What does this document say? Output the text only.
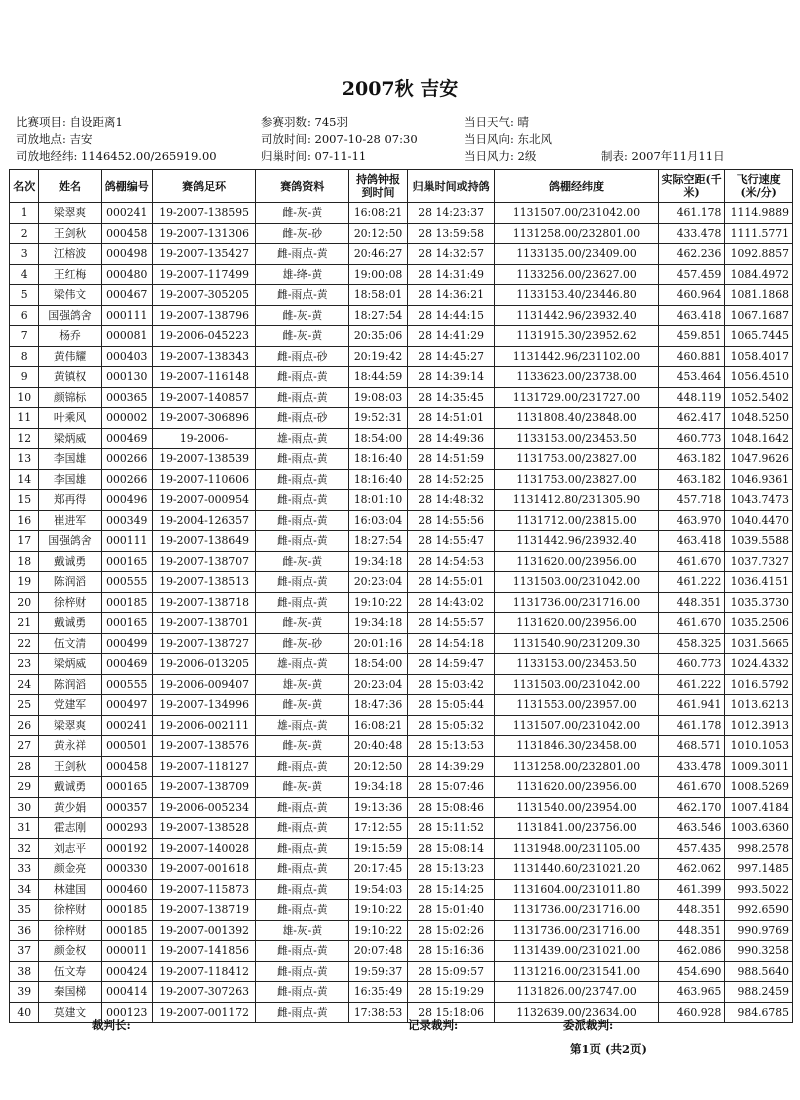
2007秋 吉安
比赛项目: 自设距离1	参赛羽数: 745羽	当日天气: 晴
司放地点: 吉安	司放时间: 2007-10-28 07:30	当日风向: 东北风
司放地经纬: 1146452.00/265919.00	归巢时间: 07-11-11	当日风力: 2级	制表: 2007年11月11日
名次	姓名	鸽棚编号	赛鸽足环	赛鸽资料	持鸽钟报到时间	归巢时间或持鸽	鸽棚经纬度	实际空距(千米)	飞行速度(米/分)
1	梁翠爽	000241	19-2007-138595	雌-灰-黄	16:08:21	28 14:23:37	1131507.00/231042.00	461.178	1114.9889
2	王剑秋	000458	19-2007-131306	雌-灰-砂	20:12:50	28 13:59:58	1131258.00/232801.00	433.478	1111.5771
3	江榕波	000498	19-2007-135427	雌-雨点-黄	20:46:27	28 14:32:57	1133135.00/23409.00	462.236	1092.8857
4	王红梅	000480	19-2007-117499	雄-绛-黄	19:00:08	28 14:31:49	1133256.00/23627.00	457.459	1084.4972
5	梁伟文	000467	19-2007-305205	雌-雨点-黄	18:58:01	28 14:36:21	1133153.40/23446.80	460.964	1081.1868
6	国强鸽舍	000111	19-2007-138796	雌-灰-黄	18:27:54	28 14:44:15	1131442.96/23932.40	463.418	1067.1687
7	杨乔	000081	19-2006-045223	雌-灰-黄	20:35:06	28 14:41:29	1131915.30/23952.62	459.851	1065.7445
8	黄伟耀	000403	19-2007-138343	雌-雨点-砂	20:19:42	28 14:45:27	1131442.96/231102.00	460.881	1058.4017
9	黄镇权	000130	19-2007-116148	雌-雨点-黄	18:44:59	28 14:39:14	1133623.00/23738.00	453.464	1056.4510
10	颜锦标	000365	19-2007-140857	雌-雨点-黄	19:08:03	28 14:35:45	1131729.00/231727.00	448.119	1052.5402
11	叶乘风	000002	19-2007-306896	雌-雨点-砂	19:52:31	28 14:51:01	1131808.40/23848.00	462.417	1048.5250
12	梁炳威	000469	19-2006-	雄-雨点-黄	18:54:00	28 14:49:36	1133153.00/23453.50	460.773	1048.1642
13	李国雄	000266	19-2007-138539	雌-雨点-黄	18:16:40	28 14:51:59	1131753.00/23827.00	463.182	1047.9626
14	李国雄	000266	19-2007-110606	雌-雨点-黄	18:16:40	28 14:52:25	1131753.00/23827.00	463.182	1046.9361
15	郑再得	000496	19-2007-000954	雌-雨点-黄	18:01:10	28 14:48:32	1131412.80/231305.90	457.718	1043.7473
16	崔进军	000349	19-2004-126357	雌-雨点-黄	16:03:04	28 14:55:56	1131712.00/23815.00	463.970	1040.4470
17	国强鸽舍	000111	19-2007-138649	雌-雨点-黄	18:27:54	28 14:55:47	1131442.96/23932.40	463.418	1039.5588
18	戴诚勇	000165	19-2007-138707	雌-灰-黄	19:34:18	28 14:54:53	1131620.00/23956.00	461.670	1037.7327
19	陈润滔	000555	19-2007-138513	雌-雨点-黄	20:23:04	28 14:55:01	1131503.00/231042.00	461.222	1036.4151
20	徐梓财	000185	19-2007-138718	雌-雨点-黄	19:10:22	28 14:43:02	1131736.00/231716.00	448.351	1035.3730
21	戴诚勇	000165	19-2007-138701	雌-灰-黄	19:34:18	28 14:55:57	1131620.00/23956.00	461.670	1035.2506
22	伍文清	000499	19-2007-138727	雌-灰-砂	20:01:16	28 14:54:18	1131540.90/231209.30	458.325	1031.5665
23	梁炳威	000469	19-2006-013205	雄-雨点-黄	18:54:00	28 14:59:47	1133153.00/23453.50	460.773	1024.4332
24	陈润滔	000555	19-2006-009407	雄-灰-黄	20:23:04	28 15:03:42	1131503.00/231042.00	461.222	1016.5792
25	党建军	000497	19-2007-134996	雌-灰-黄	18:47:36	28 15:05:44	1131553.00/23957.00	461.941	1013.6213
26	梁翠爽	000241	19-2006-002111	雄-雨点-黄	16:08:21	28 15:05:32	1131507.00/231042.00	461.178	1012.3913
27	黄永祥	000501	19-2007-138576	雌-灰-黄	20:40:48	28 15:13:53	1131846.30/23458.00	468.571	1010.1053
28	王剑秋	000458	19-2007-118127	雌-雨点-黄	20:12:50	28 14:39:29	1131258.00/232801.00	433.478	1009.3011
29	戴诚勇	000165	19-2007-138709	雌-灰-黄	19:34:18	28 15:07:46	1131620.00/23956.00	461.670	1008.5269
30	黄少娟	000357	19-2006-005234	雌-雨点-黄	19:13:36	28 15:08:46	1131540.00/23954.00	462.170	1007.4184
31	霍志刚	000293	19-2007-138528	雌-雨点-黄	17:12:55	28 15:11:52	1131841.00/23756.00	463.546	1003.6360
32	刘志平	000192	19-2007-140028	雌-雨点-黄	19:15:59	28 15:08:14	1131948.00/231105.00	457.435	998.2578
33	颜金亮	000330	19-2007-001618	雌-雨点-黄	20:17:45	28 15:13:23	1131440.60/231021.20	462.062	997.1485
34	林建国	000460	19-2007-115873	雌-雨点-黄	19:54:03	28 15:14:25	1131604.00/231011.80	461.399	993.5022
35	徐梓财	000185	19-2007-138719	雌-雨点-黄	19:10:22	28 15:01:40	1131736.00/231716.00	448.351	992.6590
36	徐梓财	000185	19-2007-001392	雄-灰-黄	19:10:22	28 15:02:26	1131736.00/231716.00	448.351	990.9769
37	颜金权	000011	19-2007-141856	雌-雨点-黄	20:07:48	28 15:16:36	1131439.00/231021.00	462.086	990.3258
38	伍文寿	000424	19-2007-118412	雌-雨点-黄	19:59:37	28 15:09:57	1131216.00/231541.00	454.690	988.5640
39	秦国梯	000414	19-2007-307263	雌-雨点-黄	16:35:49	28 15:19:29	1131826.00/23747.00	463.965	988.2459
40	莫建文	000123	19-2007-001172	雌-雨点-黄	17:38:53	28 15:18:06	1132639.00/23634.00	460.928	984.6785
裁判长:	记录裁判:	委派裁判:
第1页 (共2页)
